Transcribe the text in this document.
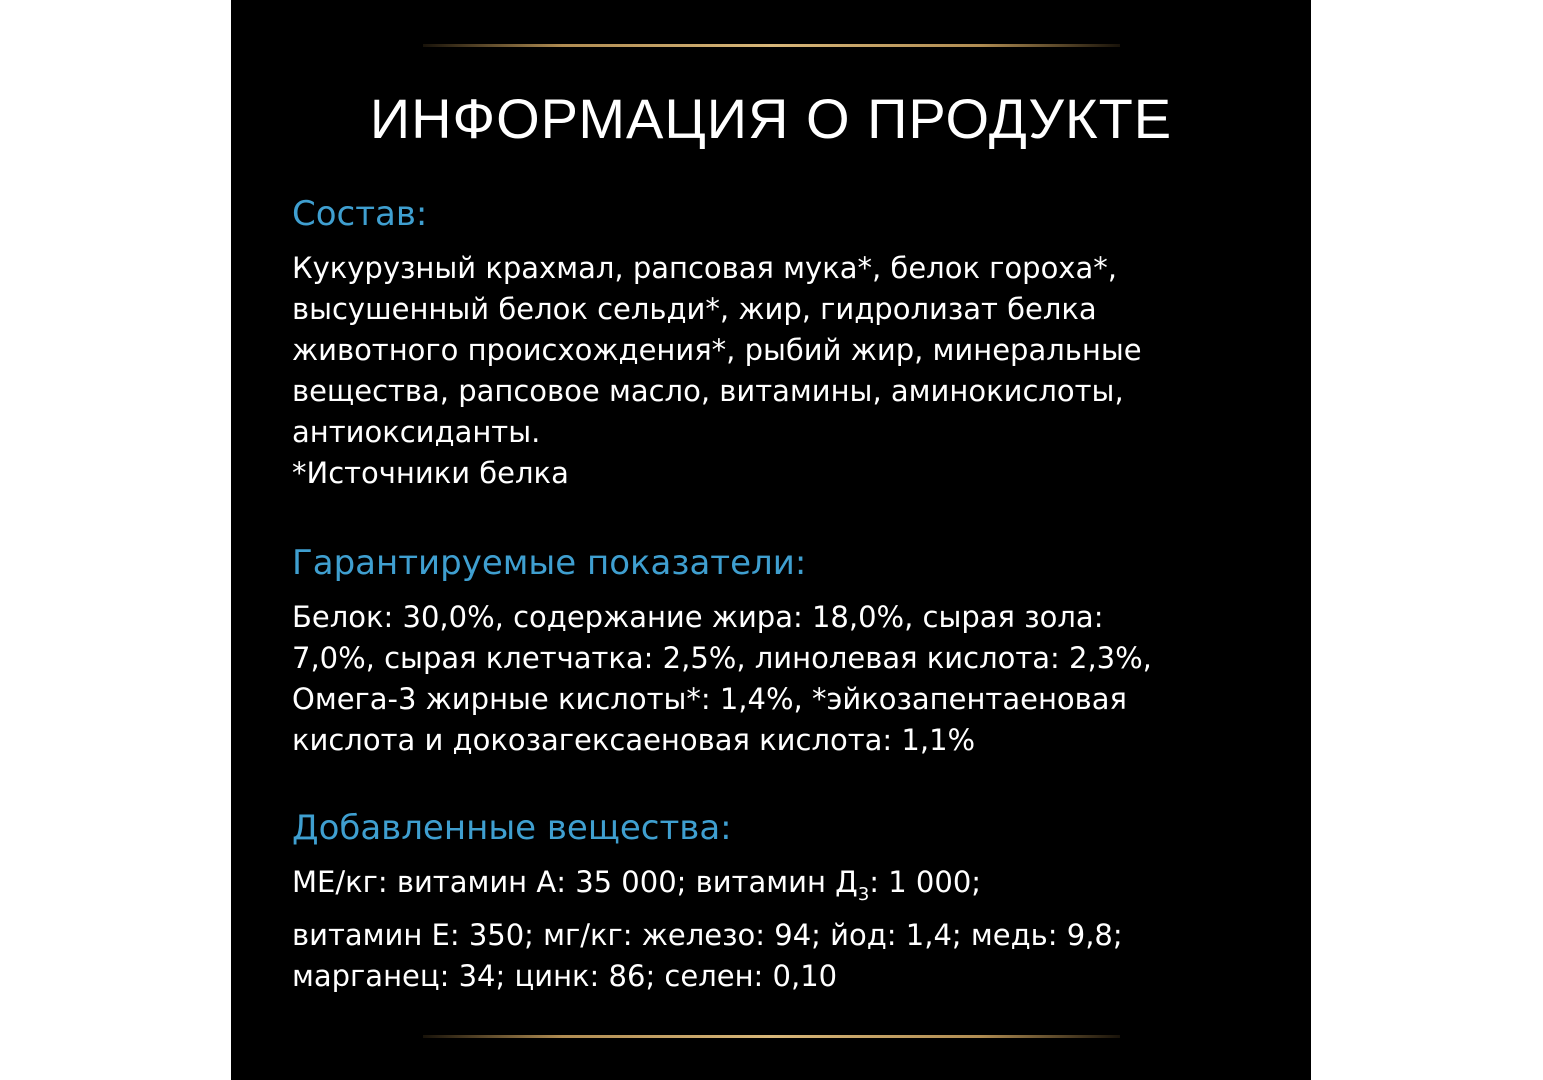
ИНФОРМАЦИЯ О ПРОДУКТЕ
Состав:
Кукурузный крахмал, рапсовая мука*, белок гороха*,
высушенный белок сельди*, жир, гидролизат белка
животного происхождения*, рыбий жир, минеральные
вещества, рапсовое масло, витамины, аминокислоты,
антиоксиданты.
*Источники белка
Гарантируемые показатели:
Белок: 30,0%, содержание жира: 18,0%, сырая зола:
7,0%, сырая клетчатка: 2,5%, линолевая кислота: 2,3%,
Омега-3 жирные кислоты*: 1,4%, *эйкозапентаеновая
кислота и докозагексаеновая кислота: 1,1%
Добавленные вещества:
МЕ/кг: витамин А: 35 000; витамин $Д_3$: 1 000;
витамин Е: 350; мг/кг: железо: 94; йод: 1,4; медь: 9,8;
марганец: 34; цинк: 86; селен: 0,10
